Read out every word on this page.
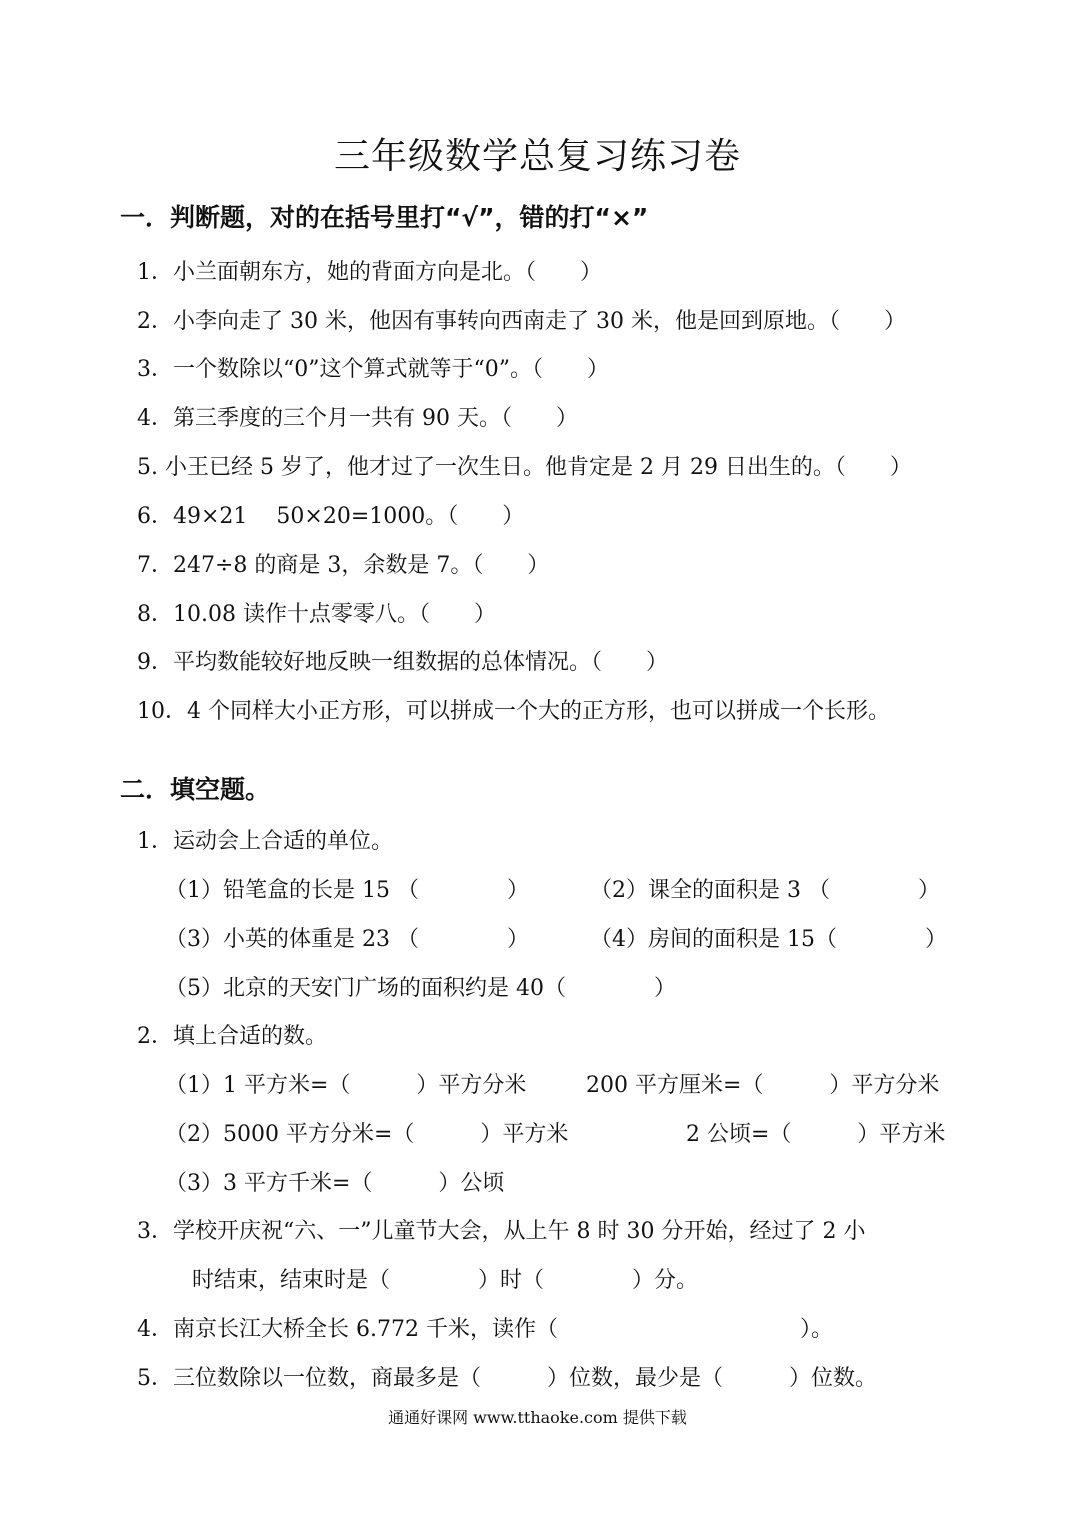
三年级数学总复习练习卷
一．判断题，对的在括号里打“√”，错的打“×”
1．小兰面朝东方，她的背面方向是北。（　　）
2．小李向走了 30 米，他因有事转向西南走了 30 米，他是回到原地。（　　）
3．一个数除以“0”这个算式就等于“0”。（　　）
4．第三季度的三个月一共有 90 天。（　　）
5. 小王已经 5 岁了，他才过了一次生日。他肯定是 2 月 29 日出生的。（　　）
6．49×21　 50×20=1000。（　　）
7．247÷8 的商是 3，余数是 7。（　　）
8．10.08 读作十点零零八。（　　）
9．平均数能较好地反映一组数据的总体情况。（　　）
10．4 个同样大小正方形，可以拼成一个大的正方形，也可以拼成一个长形。
二．填空题。
1．运动会上合适的单位。
（1）铅笔盒的长是 15 （　　　　）	（2）课全的面积是 3 （　　　　）
（3）小英的体重是 23 （　　　　）	（4）房间的面积是 15（　　　　）
（5）北京的天安门广场的面积约是 40（　　　　）
2．填上合适的数。
（1）1 平方米=（　　　）平方分米	200 平方厘米=（　　　）平方分米
（2）5000 平方分米=（　　　）平方米	2 公顷=（　　　）平方米
（3）3 平方千米=（　　　）公顷
3．学校开庆祝“六、一”儿童节大会，从上午 8 时 30 分开始，经过了 2 小
时结束，结束时是（　　　　）时（　　　　）分。
4．南京长江大桥全长 6.772 千米，读作（　　　　　　　　　　　）。
5．三位数除以一位数，商最多是（　　　）位数，最少是（　　　）位数。
通通好课网 www.tthaoke.com 提供下载
